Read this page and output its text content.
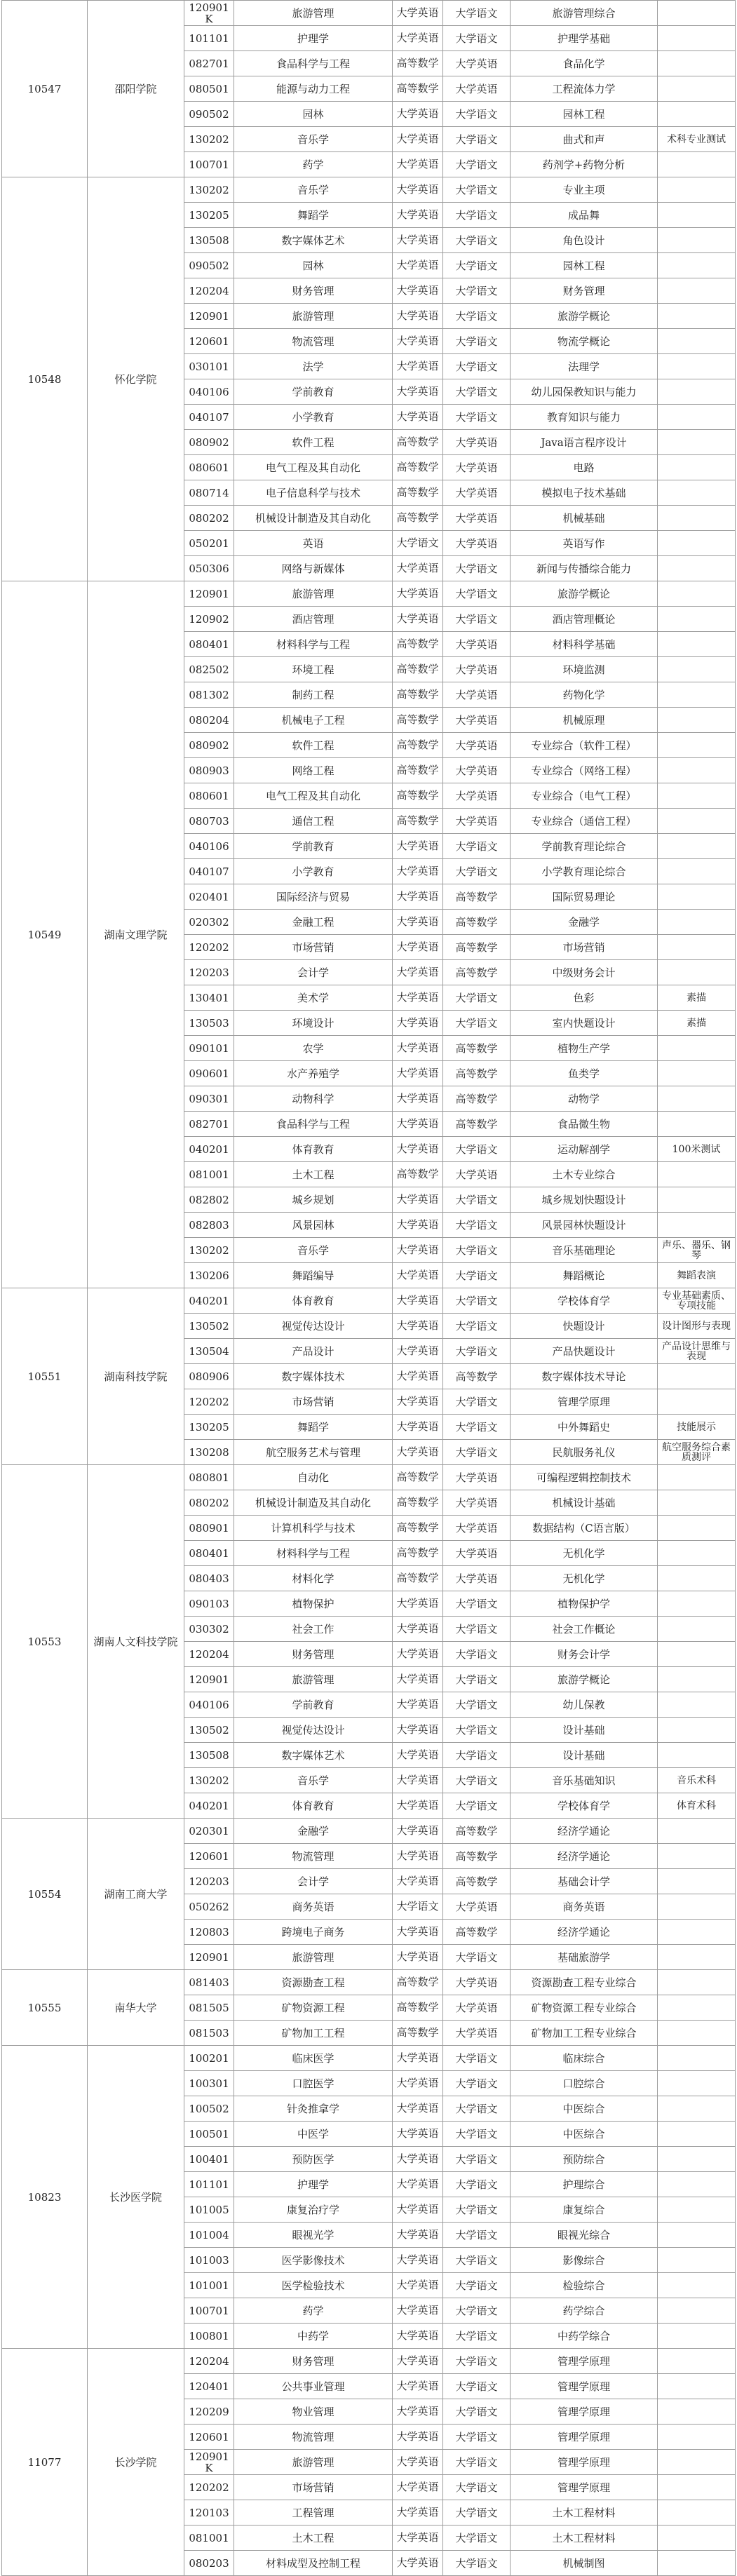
10547	邵阳学院	120901K	旅游管理	大学英语	大学语文	旅游管理综合	
		101101	护理学	大学英语	大学语文	护理学基础	
		082701	食品科学与工程	高等数学	大学英语	食品化学	
		080501	能源与动力工程	高等数学	大学英语	工程流体力学	
		090502	园林	大学英语	大学语文	园林工程	
		130202	音乐学	大学英语	大学语文	曲式和声	术科专业测试
		100701	药学	大学英语	大学语文	药剂学+药物分析	
10548	怀化学院	130202	音乐学	大学英语	大学语文	专业主项	
		130205	舞蹈学	大学英语	大学语文	成品舞	
		130508	数字媒体艺术	大学英语	大学语文	角色设计	
		090502	园林	大学英语	大学语文	园林工程	
		120204	财务管理	大学英语	大学语文	财务管理	
		120901	旅游管理	大学英语	大学语文	旅游学概论	
		120601	物流管理	大学英语	大学语文	物流学概论	
		030101	法学	大学英语	大学语文	法理学	
		040106	学前教育	大学英语	大学语文	幼儿园保教知识与能力	
		040107	小学教育	大学英语	大学语文	教育知识与能力	
		080902	软件工程	高等数学	大学英语	Java语言程序设计	
		080601	电气工程及其自动化	高等数学	大学英语	电路	
		080714	电子信息科学与技术	高等数学	大学英语	模拟电子技术基础	
		080202	机械设计制造及其自动化	高等数学	大学英语	机械基础	
		050201	英语	大学语文	大学英语	英语写作	
		050306	网络与新媒体	大学英语	大学语文	新闻与传播综合能力	
10549	湖南文理学院	120901	旅游管理	大学英语	大学语文	旅游学概论	
		120902	酒店管理	大学英语	大学语文	酒店管理概论	
		080401	材料科学与工程	高等数学	大学英语	材料科学基础	
		082502	环境工程	高等数学	大学英语	环境监测	
		081302	制药工程	高等数学	大学英语	药物化学	
		080204	机械电子工程	高等数学	大学英语	机械原理	
		080902	软件工程	高等数学	大学英语	专业综合（软件工程）	
		080903	网络工程	高等数学	大学英语	专业综合（网络工程）	
		080601	电气工程及其自动化	高等数学	大学英语	专业综合（电气工程）	
		080703	通信工程	高等数学	大学英语	专业综合（通信工程）	
		040106	学前教育	大学英语	大学语文	学前教育理论综合	
		040107	小学教育	大学英语	大学语文	小学教育理论综合	
		020401	国际经济与贸易	大学英语	高等数学	国际贸易理论	
		020302	金融工程	大学英语	高等数学	金融学	
		120202	市场营销	大学英语	高等数学	市场营销	
		120203	会计学	大学英语	高等数学	中级财务会计	
		130401	美术学	大学英语	大学语文	色彩	素描
		130503	环境设计	大学英语	大学语文	室内快题设计	素描
		090101	农学	大学英语	高等数学	植物生产学	
		090601	水产养殖学	大学英语	高等数学	鱼类学	
		090301	动物科学	大学英语	高等数学	动物学	
		082701	食品科学与工程	大学英语	高等数学	食品微生物	
		040201	体育教育	大学英语	大学语文	运动解剖学	100米测试
		081001	土木工程	高等数学	大学英语	土木专业综合	
		082802	城乡规划	大学英语	大学语文	城乡规划快题设计	
		082803	风景园林	大学英语	大学语文	风景园林快题设计	
		130202	音乐学	大学英语	大学语文	音乐基础理论	声乐、器乐、钢琴
		130206	舞蹈编导	大学英语	大学语文	舞蹈概论	舞蹈表演
10551	湖南科技学院	040201	体育教育	大学英语	大学语文	学校体育学	专业基础素质、专项技能
		130502	视觉传达设计	大学英语	大学语文	快题设计	设计图形与表现
		130504	产品设计	大学英语	大学语文	产品快题设计	产品设计思维与表现
		080906	数字媒体技术	大学英语	高等数学	数字媒体技术导论	
		120202	市场营销	大学英语	大学语文	管理学原理	
		130205	舞蹈学	大学英语	大学语文	中外舞蹈史	技能展示
		130208	航空服务艺术与管理	大学英语	大学语文	民航服务礼仪	航空服务综合素质测评
10553	湖南人文科技学院	080801	自动化	高等数学	大学英语	可编程逻辑控制技术	
		080202	机械设计制造及其自动化	高等数学	大学英语	机械设计基础	
		080901	计算机科学与技术	高等数学	大学英语	数据结构（C语言版）	
		080401	材料科学与工程	高等数学	大学英语	无机化学	
		080403	材料化学	高等数学	大学英语	无机化学	
		090103	植物保护	大学英语	大学语文	植物保护学	
		030302	社会工作	大学英语	大学语文	社会工作概论	
		120204	财务管理	大学英语	大学语文	财务会计学	
		120901	旅游管理	大学英语	大学语文	旅游学概论	
		040106	学前教育	大学英语	大学语文	幼儿保教	
		130502	视觉传达设计	大学英语	大学语文	设计基础	
		130508	数字媒体艺术	大学英语	大学语文	设计基础	
		130202	音乐学	大学英语	大学语文	音乐基础知识	音乐术科
		040201	体育教育	大学英语	大学语文	学校体育学	体育术科
10554	湖南工商大学	020301	金融学	大学英语	高等数学	经济学通论	
		120601	物流管理	大学英语	高等数学	经济学通论	
		120203	会计学	大学英语	高等数学	基础会计学	
		050262	商务英语	大学语文	大学英语	商务英语	
		120803	跨境电子商务	大学英语	高等数学	经济学通论	
		120901	旅游管理	大学英语	大学语文	基础旅游学	
10555	南华大学	081403	资源勘查工程	高等数学	大学英语	资源勘查工程专业综合	
		081505	矿物资源工程	高等数学	大学英语	矿物资源工程专业综合	
		081503	矿物加工工程	高等数学	大学英语	矿物加工工程专业综合	
10823	长沙医学院	100201	临床医学	大学英语	大学语文	临床综合	
		100301	口腔医学	大学英语	大学语文	口腔综合	
		100502	针灸推拿学	大学英语	大学语文	中医综合	
		100501	中医学	大学英语	大学语文	中医综合	
		100401	预防医学	大学英语	大学语文	预防综合	
		101101	护理学	大学英语	大学语文	护理综合	
		101005	康复治疗学	大学英语	大学语文	康复综合	
		101004	眼视光学	大学英语	大学语文	眼视光综合	
		101003	医学影像技术	大学英语	大学语文	影像综合	
		101001	医学检验技术	大学英语	大学语文	检验综合	
		100701	药学	大学英语	大学语文	药学综合	
		100801	中药学	大学英语	大学语文	中药学综合	
11077	长沙学院	120204	财务管理	大学英语	大学语文	管理学原理	
		120401	公共事业管理	大学英语	大学语文	管理学原理	
		120209	物业管理	大学英语	大学语文	管理学原理	
		120601	物流管理	大学英语	大学语文	管理学原理	
		120901K	旅游管理	大学英语	大学语文	管理学原理	
		120202	市场营销	大学英语	大学语文	管理学原理	
		120103	工程管理	大学英语	大学语文	土木工程材料	
		081001	土木工程	大学英语	大学语文	土木工程材料	
		080203	材料成型及控制工程	大学英语	大学语文	机械制图	
